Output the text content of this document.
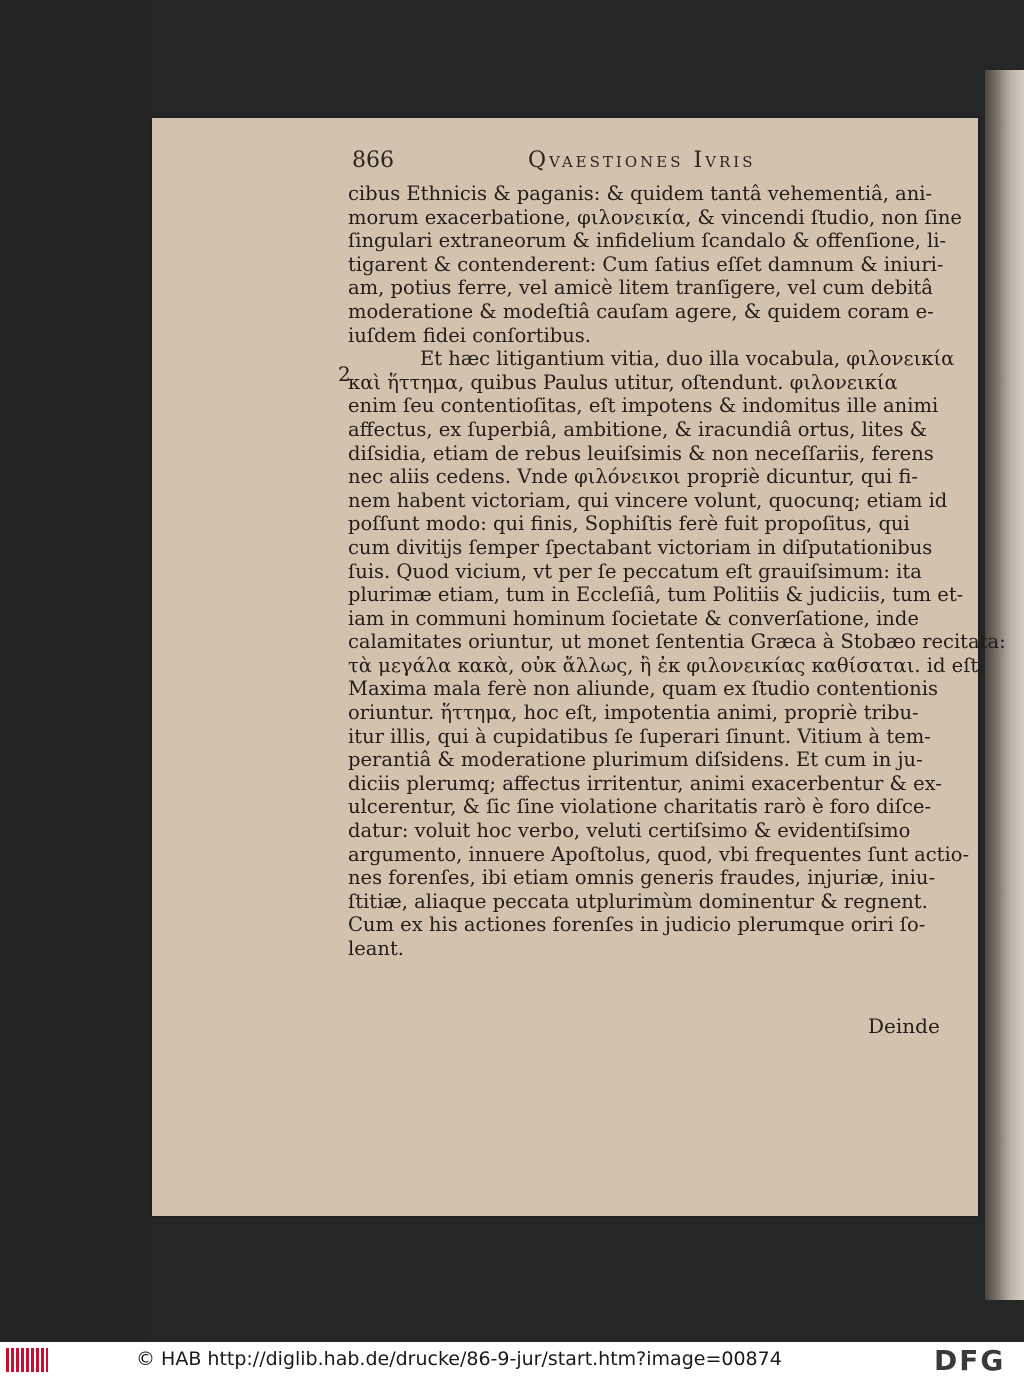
866	Qvaestiones Ivris
2
cibus Ethnicis & paganis: & quidem tantâ vehementiâ, ani-
morum exacerbatione, φιλονεικία, & vincendi ſtudio, non ſine
ſingulari extraneorum & infidelium ſcandalo & offenſione, li-
tigarent & contenderent: Cum ſatius eſſet damnum & iniuri-
am, potius ferre, vel amicè litem tranſigere, vel cum debitâ
moderatione & modeſtiâ cauſam agere, & quidem coram e-
iuſdem fidei conſortibus.
Et hæc litigantium vitia, duo illa vocabula, φιλονεικία
καὶ ἥττημα, quibus Paulus utitur, oſtendunt. φιλονεικία
enim ſeu contentioſitas, eſt impotens & indomitus ille animi
affectus, ex ſuperbiâ, ambitione, & iracundiâ ortus, lites &
diſsidia, etiam de rebus leuiſsimis & non neceſſariis, ferens
nec aliis cedens. Vnde φιλόνεικοι propriè dicuntur, qui fi-
nem habent victoriam, qui vincere volunt, quocunq; etiam id
poſſunt modo: qui finis, Sophiſtis ferè fuit propoſitus, qui
cum divitijs ſemper ſpectabant victoriam in diſputationibus
ſuis. Quod vicium, vt per ſe peccatum eſt grauiſsimum: ita
plurimæ etiam, tum in Eccleſiâ, tum Politiis & judiciis, tum et-
iam in communi hominum ſocietate & converſatione, inde
calamitates oriuntur, ut monet ſententia Græca à Stobæo recitata:
τὰ μεγάλα κακὰ, οὐκ ἄλλως, ἢ ἐκ φιλονεικίας καθίσαται. id eſt,
Maxima mala ferè non aliunde, quam ex ſtudio contentionis
oriuntur. ἥττημα, hoc eſt, impotentia animi, propriè tribu-
itur illis, qui à cupidatibus ſe ſuperari ſinunt. Vitium à tem-
perantiâ & moderatione plurimum diſsidens. Et cum in ju-
diciis plerumq; affectus irritentur, animi exacerbentur & ex-
ulcerentur, & ſic ſine violatione charitatis rarò è foro diſce-
datur: voluit hoc verbo, veluti certiſsimo & evidentiſsimo
argumento, innuere Apoſtolus, quod, vbi frequentes ſunt actio-
nes forenſes, ibi etiam omnis generis fraudes, injuriæ, iniu-
ſtitiæ, aliaque peccata utplurimùm dominentur & regnent.
Cum ex his actiones forenſes in judicio plerumque oriri ſo-
leant.
Deinde
© HAB http://diglib.hab.de/drucke/86-9-jur/start.htm?image=00874	DFG
